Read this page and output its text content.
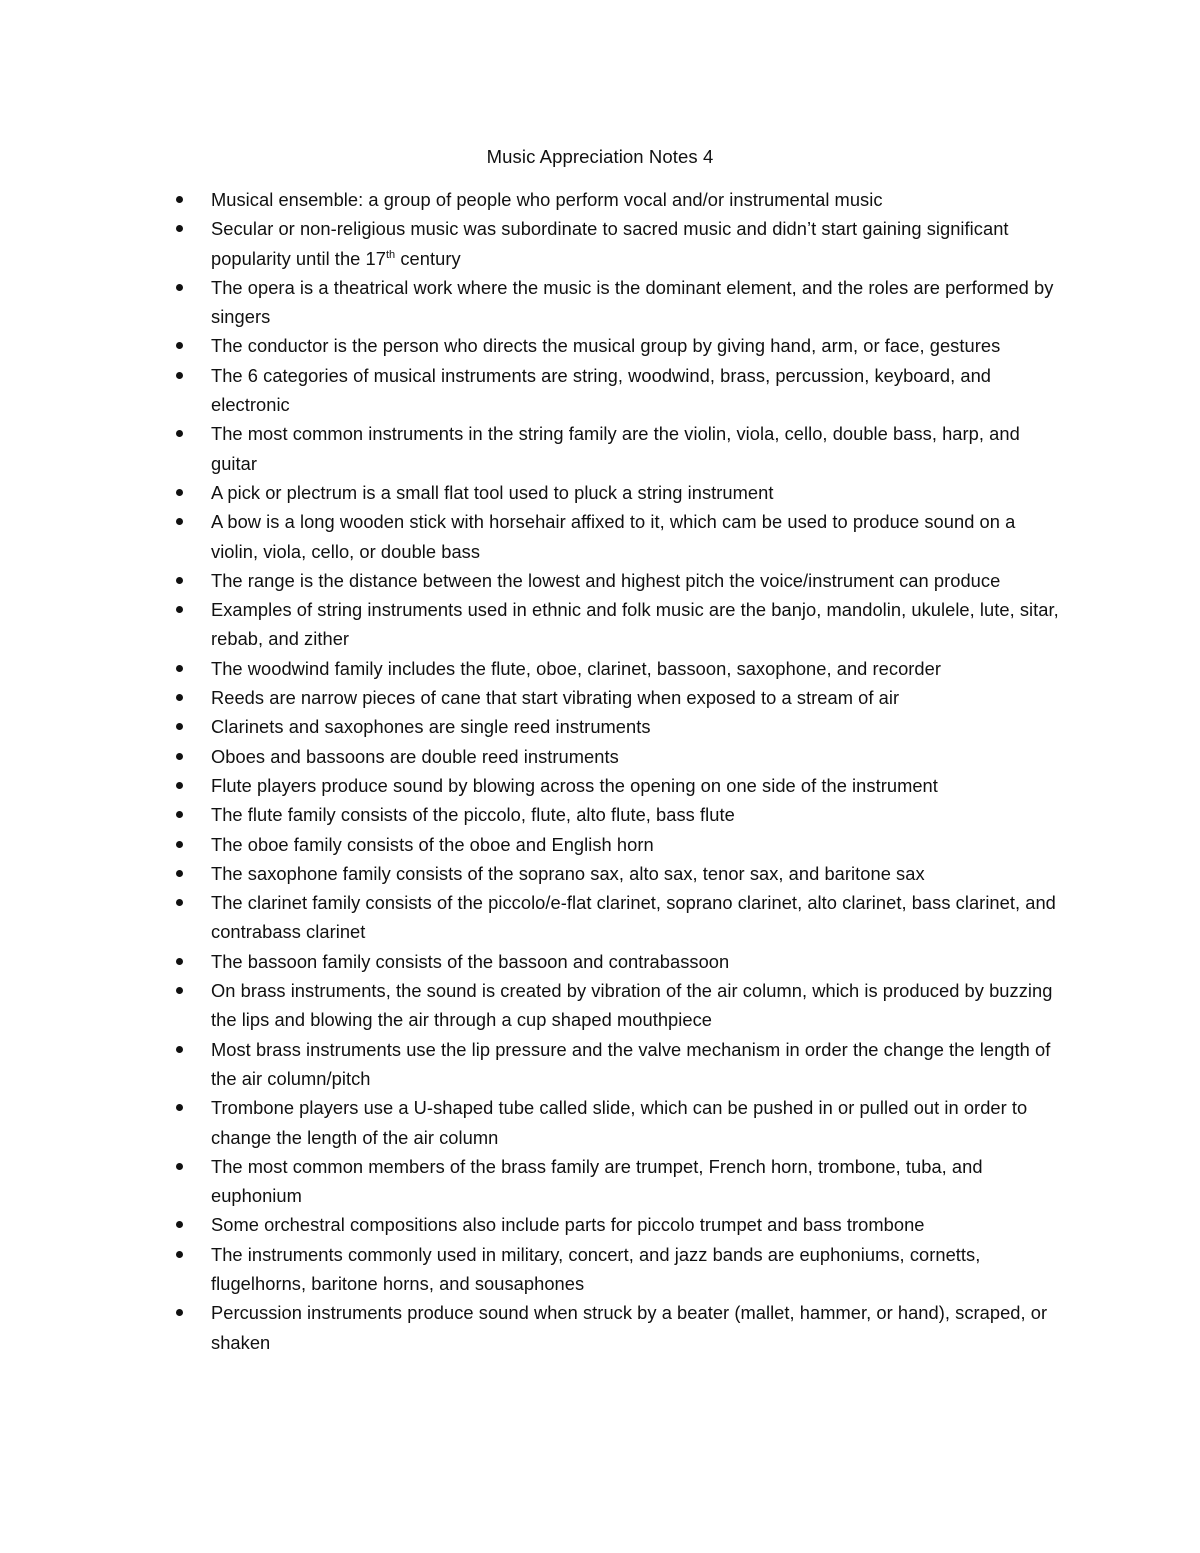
Music Appreciation Notes 4
Musical ensemble: a group of people who perform vocal and/or instrumental music
Secular or non-religious music was subordinate to sacred music and didn’t start gaining significant popularity until the 17th century
The opera is a theatrical work where the music is the dominant element, and the roles are performed by singers
The conductor is the person who directs the musical group by giving hand, arm, or face, gestures
The 6 categories of musical instruments are string, woodwind, brass, percussion, keyboard, and electronic
The most common instruments in the string family are the violin, viola, cello, double bass, harp, and guitar
A pick or plectrum is a small flat tool used to pluck a string instrument
A bow is a long wooden stick with horsehair affixed to it, which cam be used to produce sound on a violin, viola, cello, or double bass
The range is the distance between the lowest and highest pitch the voice/instrument can produce
Examples of string instruments used in ethnic and folk music are the banjo, mandolin, ukulele, lute, sitar, rebab, and zither
The woodwind family includes the flute, oboe, clarinet, bassoon, saxophone, and recorder
Reeds are narrow pieces of cane that start vibrating when exposed to a stream of air
Clarinets and saxophones are single reed instruments
Oboes and bassoons are double reed instruments
Flute players produce sound by blowing across the opening on one side of the instrument
The flute family consists of the piccolo, flute, alto flute, bass flute
The oboe family consists of the oboe and English horn
The saxophone family consists of the soprano sax, alto sax, tenor sax, and baritone sax
The clarinet family consists of the piccolo/e-flat clarinet, soprano clarinet, alto clarinet, bass clarinet, and contrabass clarinet
The bassoon family consists of the bassoon and contrabassoon
On brass instruments, the sound is created by vibration of the air column, which is produced by buzzing the lips and blowing the air through a cup shaped mouthpiece
Most brass instruments use the lip pressure and the valve mechanism in order the change the length of the air column/pitch
Trombone players use a U-shaped tube called slide, which can be pushed in or pulled out in order to change the length of the air column
The most common members of the brass family are trumpet, French horn, trombone, tuba, and euphonium
Some orchestral compositions also include parts for piccolo trumpet and bass trombone
The instruments commonly used in military, concert, and jazz bands are euphoniums, cornetts, flugelhorns, baritone horns, and sousaphones
Percussion instruments produce sound when struck by a beater (mallet, hammer, or hand), scraped, or shaken
